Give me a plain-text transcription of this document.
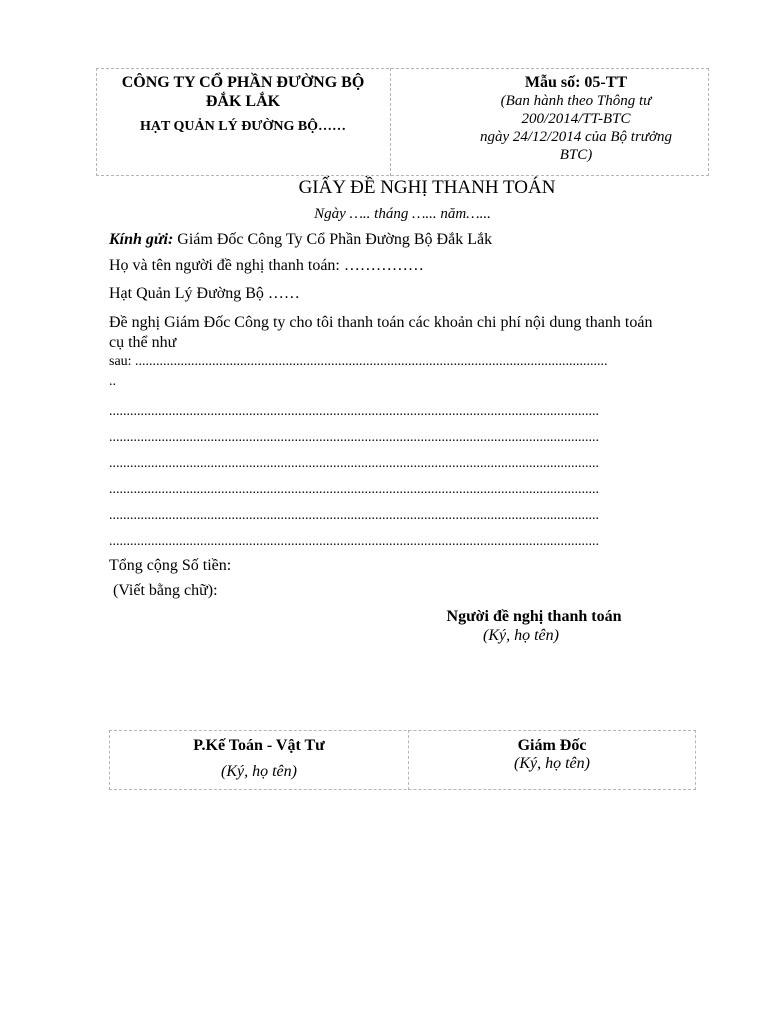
CÔNG TY CỔ PHẦN ĐƯỜNG BỘ
ĐẮK LẮK
HẠT QUẢN LÝ ĐƯỜNG BỘ……
Mẫu số: 05-TT
(Ban hành theo Thông tư
200/2014/TT-BTC
ngày 24/12/2014 của Bộ trưởng
BTC)
GIẤY ĐỀ NGHỊ THANH TOÁN
Ngày ….. tháng …... năm…...
Kính gửi: Giám Đốc Công Ty Cổ Phần Đường Bộ Đắk Lắk
Họ và tên người đề nghị thanh toán: ……………
Hạt Quản Lý Đường Bộ ……
Đề nghị Giám Đốc Công ty cho tôi thanh toán các khoản chi phí nội dung thanh toán
cụ thể như
sau: .......................................................................................................................................
..
............................................................................................................................................
............................................................................................................................................
............................................................................................................................................
............................................................................................................................................
............................................................................................................................................
............................................................................................................................................
Tổng cộng Số tiền:
(Viết bằng chữ):
Người đề nghị thanh toán
(Ký, họ tên)
P.Kế Toán - Vật Tư
(Ký, họ tên)
Giám Đốc
(Ký, họ tên)
